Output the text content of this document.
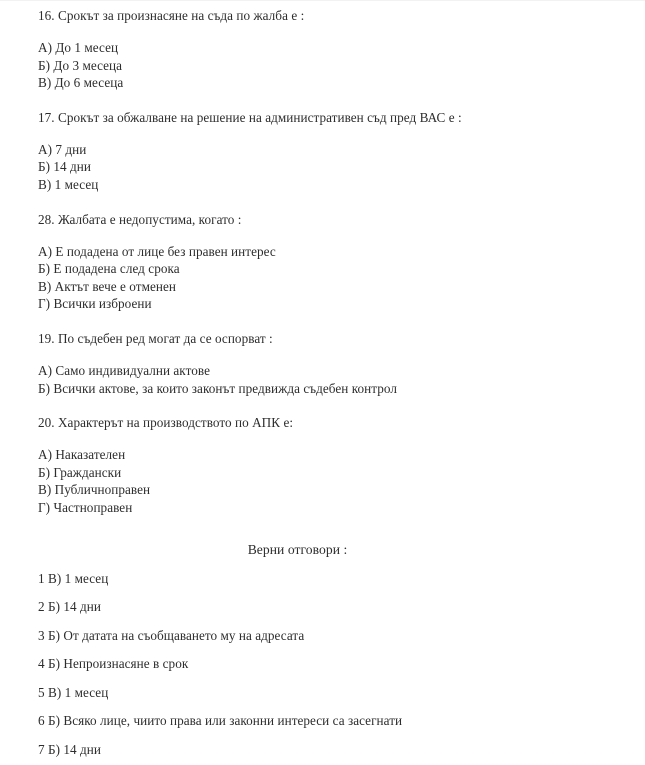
16. Срокът за произнасяне на съда по жалба е :
А) До 1 месец
Б) До 3 месеца
В) До 6 месеца
17. Срокът за обжалване на решение на административен съд пред ВАС е :
А) 7 дни
Б) 14 дни
В) 1 месец
28. Жалбата е недопустима, когато :
А) Е подадена от лице без правен интерес
Б) Е подадена след срока
В) Актът вече е отменен
Г) Всички изброени
19. По съдебен ред могат да се оспорват :
А) Само индивидуални актове
Б) Всички актове, за които законът предвижда съдебен контрол
20. Характерът на производството по АПК е:
А) Наказателен
Б) Граждански
В) Публичноправен
Г) Частноправен
Верни отговори :
1 В) 1 месец
2 Б) 14 дни
3 Б) От датата на съобщаването му на адресата
4 Б) Непроизнасяне в срок
5 В) 1 месец
6 Б) Всяко лице, чиито права или законни интереси са засегнати
7 Б) 14 дни
